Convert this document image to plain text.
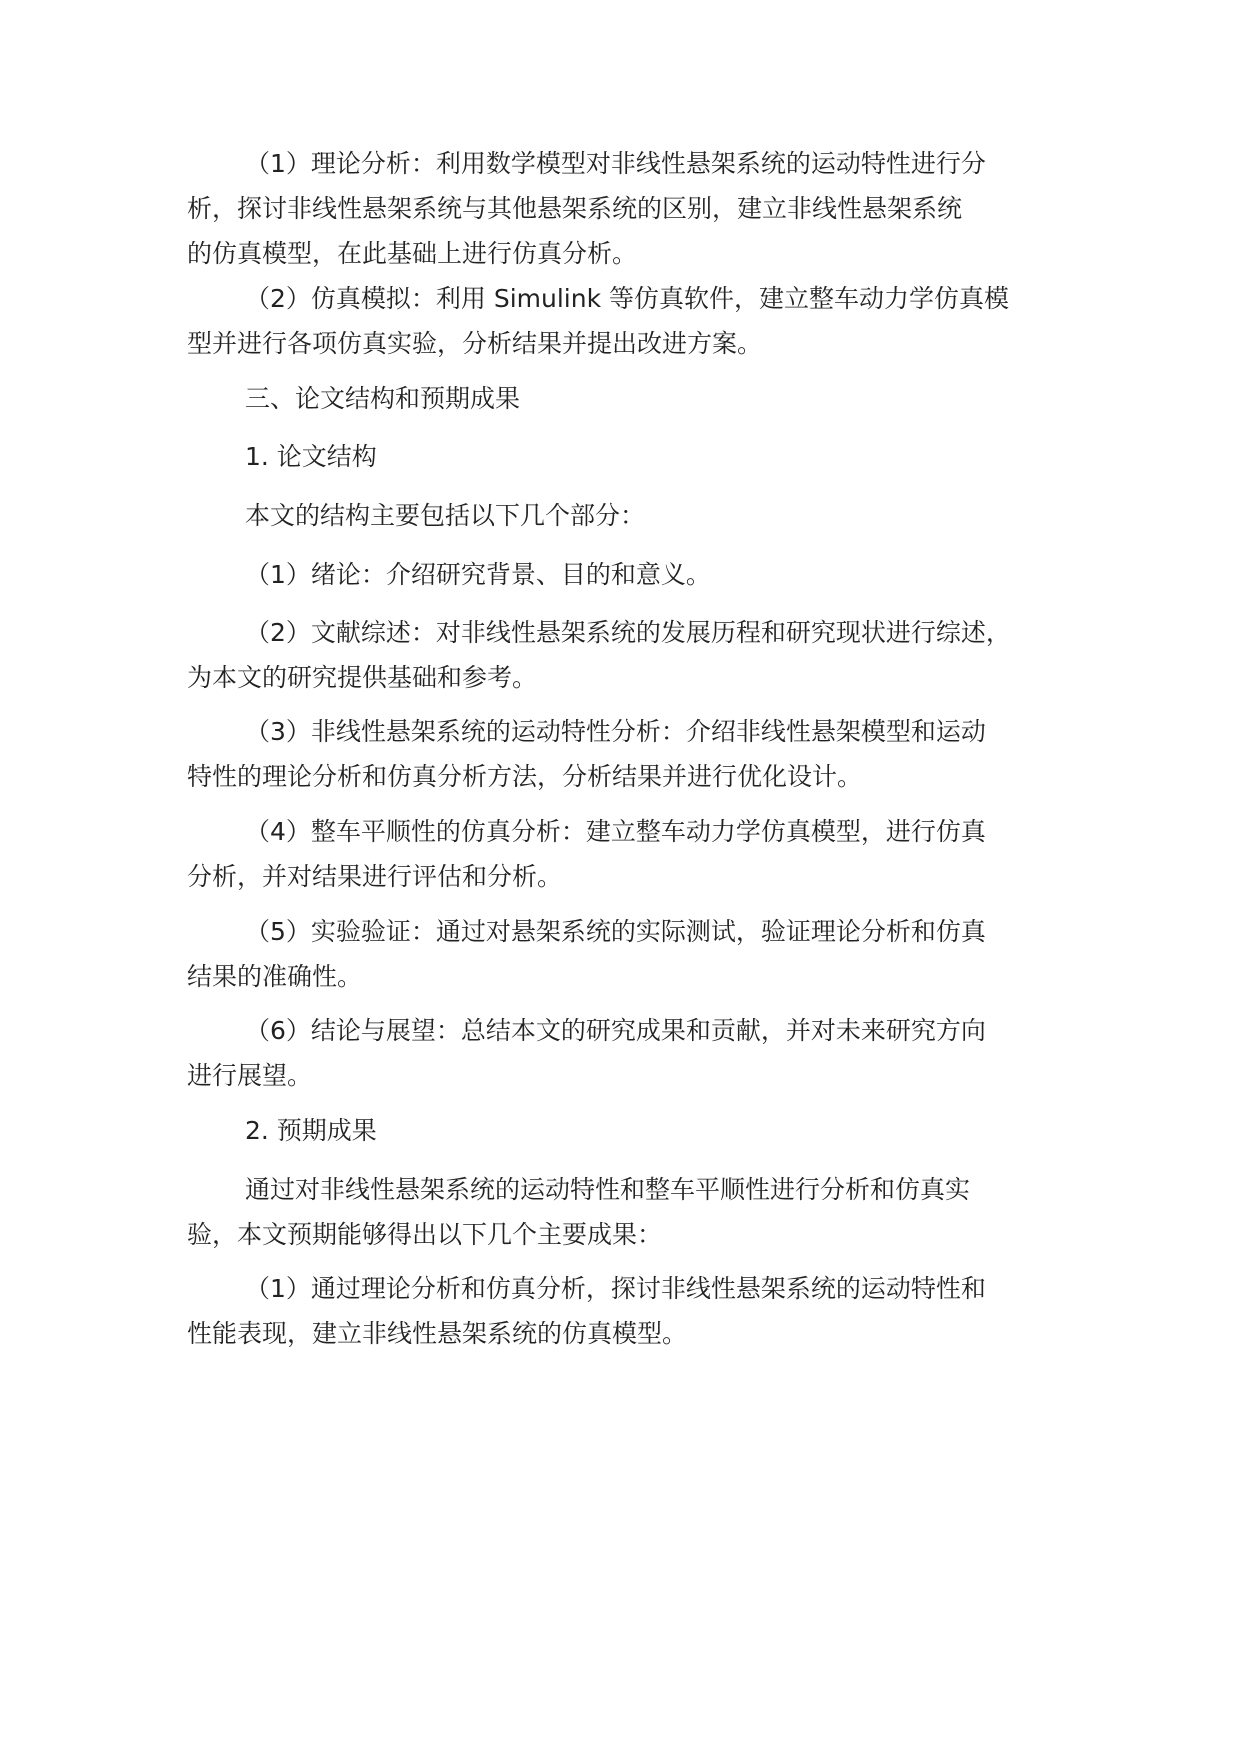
（1）理论分析：利用数学模型对非线性悬架系统的运动特性进行分
析，探讨非线性悬架系统与其他悬架系统的区别，建立非线性悬架系统
的仿真模型，在此基础上进行仿真分析。
（2）仿真模拟：利用 Simulink 等仿真软件，建立整车动力学仿真模
型并进行各项仿真实验，分析结果并提出改进方案。
三、论文结构和预期成果
1. 论文结构
本文的结构主要包括以下几个部分：
（1）绪论：介绍研究背景、目的和意义。
（2）文献综述：对非线性悬架系统的发展历程和研究现状进行综述，
为本文的研究提供基础和参考。
（3）非线性悬架系统的运动特性分析：介绍非线性悬架模型和运动
特性的理论分析和仿真分析方法，分析结果并进行优化设计。
（4）整车平顺性的仿真分析：建立整车动力学仿真模型，进行仿真
分析，并对结果进行评估和分析。
（5）实验验证：通过对悬架系统的实际测试，验证理论分析和仿真
结果的准确性。
（6）结论与展望：总结本文的研究成果和贡献，并对未来研究方向
进行展望。
2. 预期成果
通过对非线性悬架系统的运动特性和整车平顺性进行分析和仿真实
验，本文预期能够得出以下几个主要成果：
（1）通过理论分析和仿真分析，探讨非线性悬架系统的运动特性和
性能表现，建立非线性悬架系统的仿真模型。
